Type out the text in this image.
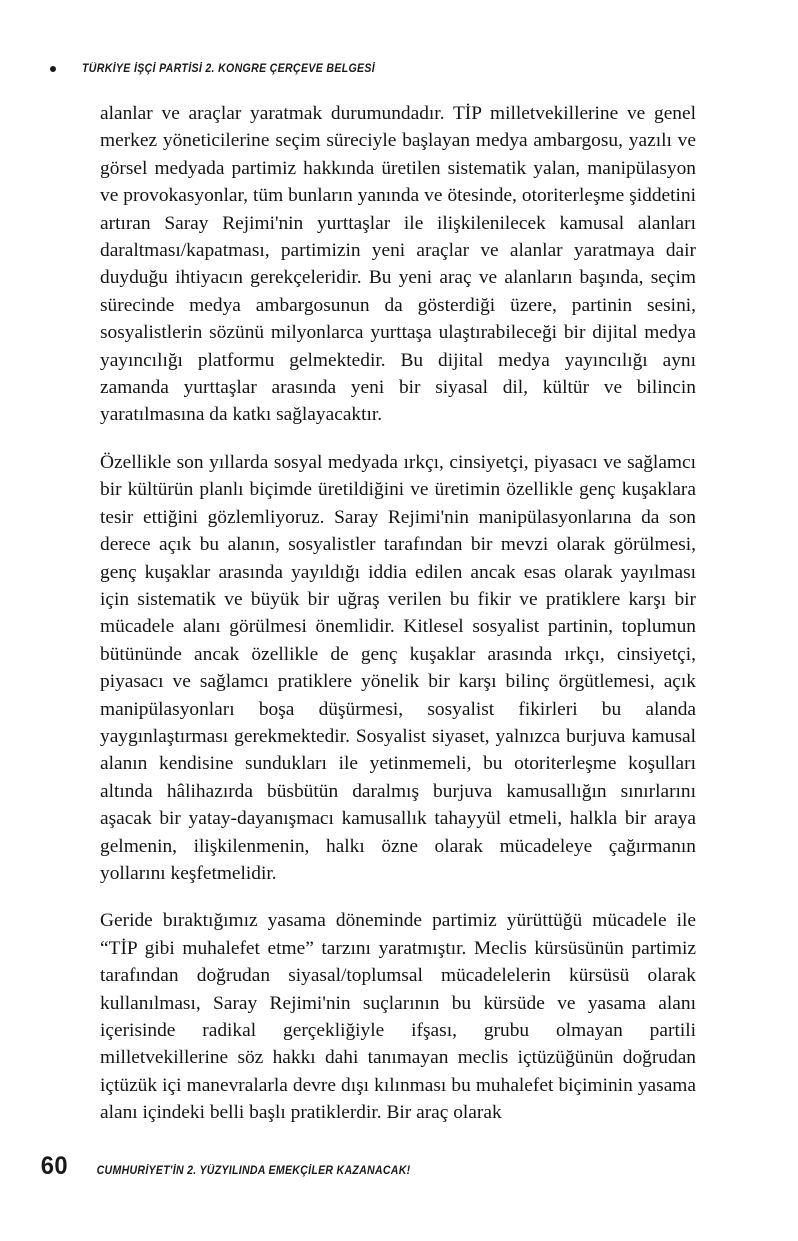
TÜRKİYE İŞÇİ PARTİSİ 2. KONGRE ÇERÇEVE BELGESİ

alanlar ve araçlar yaratmak durumundadır. TİP milletvekillerine ve genel merkez yöneticilerine seçim süreciyle başlayan medya ambargosu, yazılı ve görsel medyada partimiz hakkında üretilen sistematik yalan, manipülasyon ve provokasyonlar, tüm bunların yanında ve ötesinde, otoriterleşme şiddetini artıran Saray Rejimi'nin yurttaşlar ile ilişkilenilecek kamusal alanları daraltması/kapatması, partimizin yeni araçlar ve alanlar yaratmaya dair duyduğu ihtiyacın gerekçeleridir. Bu yeni araç ve alanların başında, seçim sürecinde medya ambargosunun da gösterdiği üzere, partinin sesini, sosyalistlerin sözünü milyonlarca yurttaşa ulaştırabileceği bir dijital medya yayıncılığı platformu gelmektedir. Bu dijital medya yayıncılığı aynı zamanda yurttaşlar arasında yeni bir siyasal dil, kültür ve bilincin yaratılmasına da katkı sağlayacaktır.

Özellikle son yıllarda sosyal medyada ırkçı, cinsiyetçi, piyasacı ve sağlamcı bir kültürün planlı biçimde üretildiğini ve üretimin özellikle genç kuşaklara tesir ettiğini gözlemliyoruz. Saray Rejimi'nin manipülasyonlarına da son derece açık bu alanın, sosyalistler tarafından bir mevzi olarak görülmesi, genç kuşaklar arasında yayıldığı iddia edilen ancak esas olarak yayılması için sistematik ve büyük bir uğraş verilen bu fikir ve pratiklere karşı bir mücadele alanı görülmesi önemlidir. Kitlesel sosyalist partinin, toplumun bütününde ancak özellikle de genç kuşaklar arasında ırkçı, cinsiyetçi, piyasacı ve sağlamcı pratiklere yönelik bir karşı bilinç örgütlemesi, açık manipülasyonları boşa düşürmesi, sosyalist fikirleri bu alanda yaygınlaştırması gerekmektedir. Sosyalist siyaset, yalnızca burjuva kamusal alanın kendisine sundukları ile yetinmemeli, bu otoriterleşme koşulları altında hâlihazırda büsbütün daralmış burjuva kamusallığın sınırlarını aşacak bir yatay-dayanışmacı kamusallık tahayyül etmeli, halkla bir araya gelmenin, ilişkilenmenin, halkı özne olarak mücadeleye çağırmanın yollarını keşfetmelidir.

Geride bıraktığımız yasama döneminde partimiz yürüttüğü mücadele ile “TİP gibi muhalefet etme” tarzını yaratmıştır. Meclis kürsüsünün partimiz tarafından doğrudan siyasal/toplumsal mücadelelerin kürsüsü olarak kullanılması, Saray Rejimi'nin suçlarının bu kürsüde ve yasama alanı içerisinde radikal gerçekliğiyle ifşası, grubu olmayan partili milletvekillerine söz hakkı dahi tanımayan meclis içtüzüğünün doğrudan içtüzük içi manevralarla devre dışı kılınması bu muhalefet biçiminin yasama alanı içindeki belli başlı pratiklerdir. Bir araç olarak

60 CUMHURİYET'İN 2. YÜZYILINDA EMEKÇİLER KAZANACAK!
